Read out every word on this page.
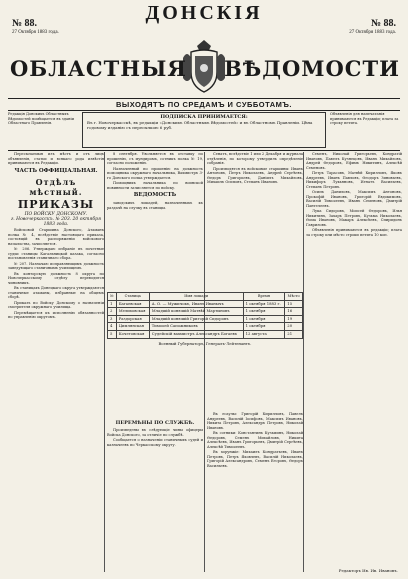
№ 88.	№ 88.
27 Октября 1883 года.	27 Октября 1883 года.
ДОНСКІЯ
ОБЛАСТНЫЯ ВѢДОМОСТИ
ВЫХОДЯТЪ ПО СРЕДАМЪ И СУББОТАМЪ.
Редакція Донскихъ Областныхъ Вѣдомостей помѣщается въ зданіи Областнаго Правленія.
ПОДПИСКА ПРИНИМАЕТСЯ:
Въ г. Новочеркасскѣ, въ редакціи «Донскихъ Областныхъ Вѣдомостей» и въ Областномъ Правленіи. Цѣна годовому изданію съ пересылкою 6 руб.
Объявленія для напечатанія принимаются въ Редакціи; плата за строку петита.

Пересылаемыя изъ мѣстъ и отъ лицъ объявленія, статьи и всякаго рода извѣстія принимаются въ Редакціи.

ЧАСТЬ ОФФИЦІАЛЬНАЯ.
Отдѣлъ мѣстный.
ПРИКАЗЫ
ПО ВОЙСКУ ДОНСКОМУ.
г. Новочеркасскъ. № 203. 20 октября 1883 года.

Войсковой Старшина Донского, Атаманъ полка № 4, вслѣдствіе настоящаго приказа, состоящій въ распоряженіи войскового начальства, зачисляется.

№ 206. Утверждаю избраніе въ почетные судьи станицы Кагальницкой казака, согласно постановленія станичнаго сбора.

№ 207. Назначаю исправляющимъ должность заведующаго станичнымъ училищемъ.

Въ конторскую должность 8 округа по Новочеркасскому отдѣлу переводится чиновникъ.

Въ станицахъ Донецкаго округа утверждаются станичные атаманы, избранные на общемъ сборѣ.

Приказъ по Войску Донскому о назначеніи смотрителя окружнаго училища.

Перемѣщается къ исполненію обязанностей по управленію округомъ.

8 сентября. Увольняется въ отставку по прошенію, съ мундиромъ, сотникъ полка № 19, согласно положенію.

Назначенный по прошенію на должность помощника окружнаго начальника, Вахмистръ 3-го Донского полка утверждается.

Помощникъ начальника по воинской повинности зачисляется по войску.

ВЕДОМОСТЬ

заводскихъ лошадей, назначенныхъ къ раздачѣ на случку въ станицы.

Сенатъ, вслѣдствіе 1 или 2 Декабря и журнала отдѣленія, по которому утвердилъ опредѣленіе собранія.

Производятся въ войсковые старшины: Иванъ Антоновъ, Петръ Николаевъ, Андрей Сергѣевъ, Ѳедоръ Григорьевъ, Даніилъ Михайловъ, Михаилъ Осиповъ, Степанъ Ивановъ.

№	Станица	Имя лошади	Время	Мѣсто
1	Багаевская	А. О. — Мужичокъ, Иванъ Иванычъ	1 октября 1883 г.	15
2	Мелиховская	Младшій конюшій Матвѣй Мартыновъ	1 октября	16
3	Раздорская	Младшій конюшій Григорій Сидоровъ	1 октября	19
4	Цимлянская	Тимоѳей Сапожниковъ	1 октября	20
5	Кочетовская	Судейскій вахмистръ Александръ Богаевъ	12 августа	21
Военный Губернаторъ, Генералъ-Лейтенантъ.
ПЕРЕМѢНЫ ПО СЛУЖБѢ.

Произведены въ слѣдующіе чины офицеры Войска Донского, за отличіе по службѣ.

Сообщается о назначеніи станичныхъ судей и казначеевъ по Черкасскому округу.

Въ есаулы: Григорій Кирилловъ, Павелъ Андреевъ, Василій Іосифовъ, Максимъ Ивановъ, Никита Петровъ, Александръ Петровъ, Николай Ивановъ.

Въ сотники: Константинъ Кузьминъ, Николай Ѳедоровъ, Семенъ Михайловъ, Никита Алексѣевъ, Иванъ Григорьевъ, Дмитрій Сергѣевъ, Алексѣй Тимоѳеевъ.

Въ хорунжіе: Михаилъ Кондратьевъ, Иванъ Петровъ, Петръ Яковлевъ, Василій Николаевъ, Григорій Александровъ, Семенъ Егоровъ, Ѳедоръ Васильевъ.

Семенъ, Николай Григорьевъ, Кондратій Ивановъ, Павелъ Кузнецовъ, Иванъ Михайловъ, Андрей Ѳедоровъ, Ефимъ Никитинъ, Алексѣй Семеновъ.

Петръ Тарасовъ, Матвѣй Кирилловъ, Яковъ Андреевъ, Иванъ Павловъ, Ѳеодоръ Зиновьевъ, Никифоръ Лукьяновъ, Игнатъ Васильевъ, Степанъ Петровъ.

Осипъ Даниловъ, Максимъ Антоновъ, Прокофій Ивановъ, Григорій Евдокимовъ, Василій Тимоѳеевъ, Иванъ Семеновъ, Дмитрій Пантелеевъ.

Лука Сидоровъ, Моисей Ѳедоровъ, Илья Никитинъ, Захаръ Петровъ, Кузьма Николаевъ, Ѳома Ивановъ, Макаръ Алексѣевъ, Спиридонъ Гавриловъ.

Объявленія принимаются въ редакціи; плата за строку или мѣсто строки петита 10 коп.

Редакторъ Ив. Ив. Ивановъ.
